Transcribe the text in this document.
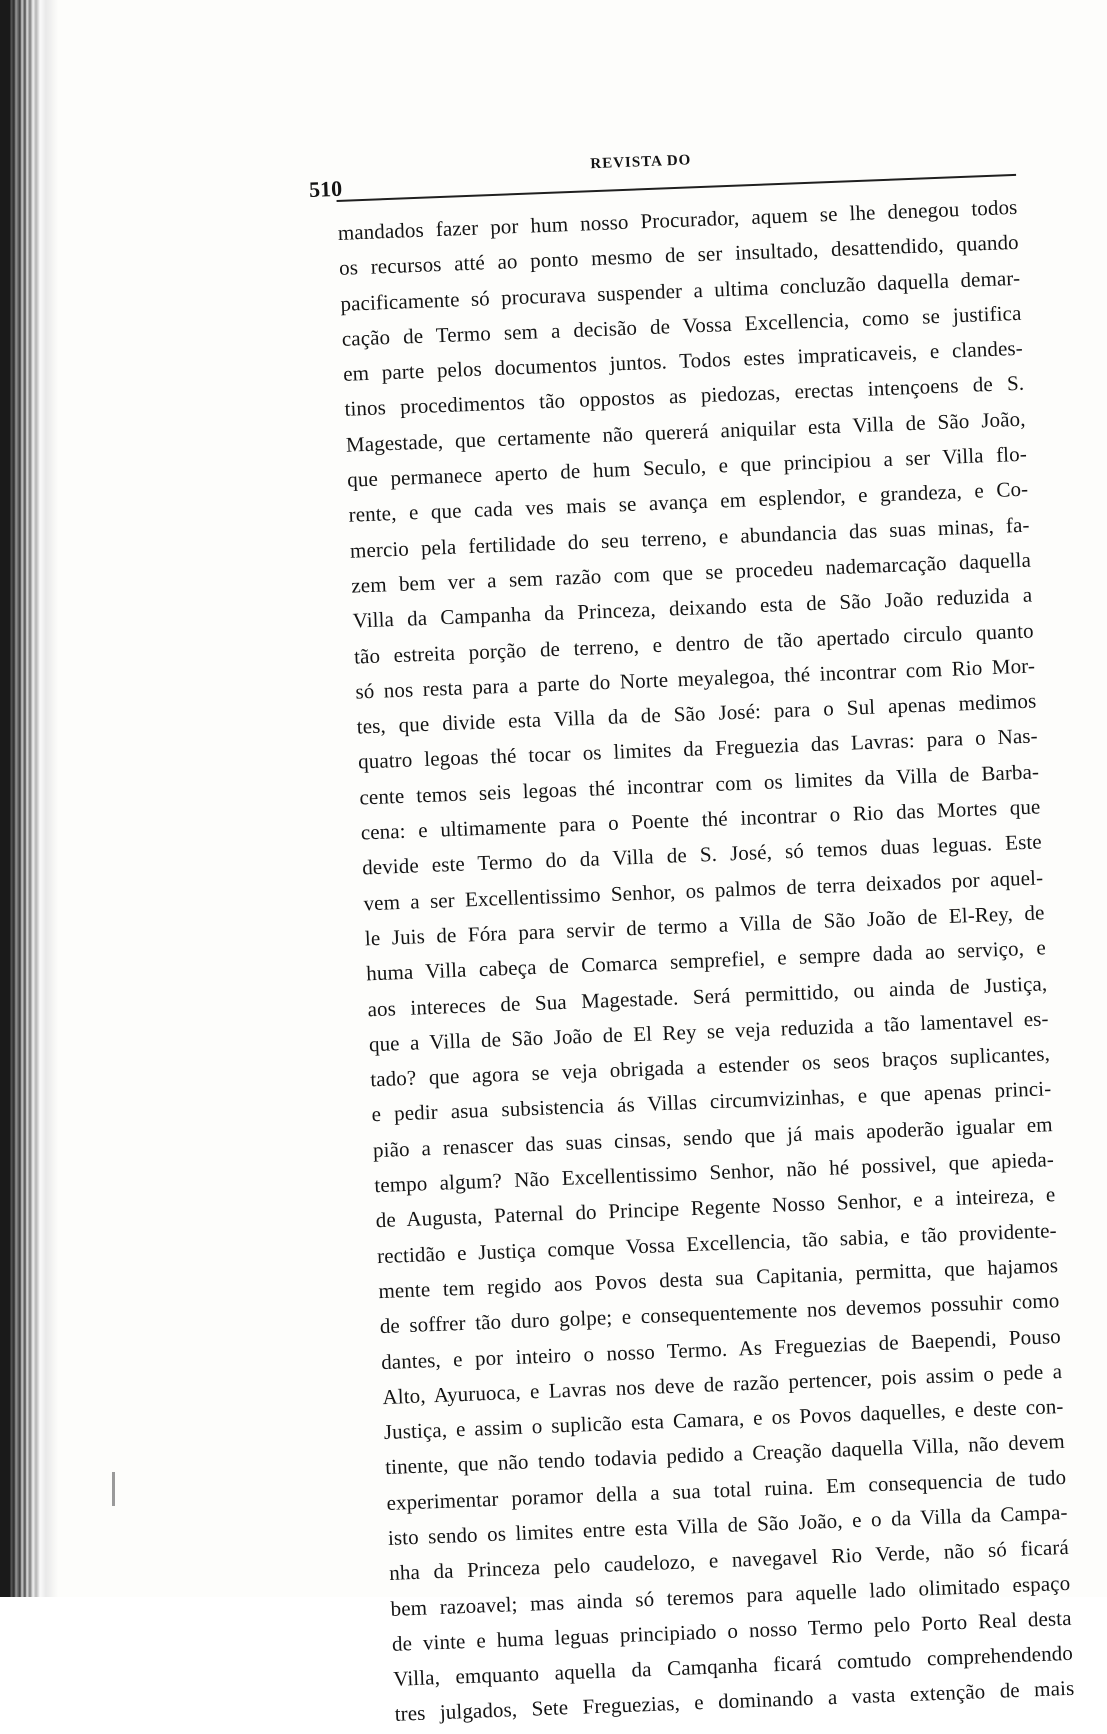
510
REVISTA DO
mandados fazer por hum nosso Procurador, aquem se lhe denegou todos
os recursos atté ao ponto mesmo de ser insultado, desattendido, quando
pacificamente só procurava suspender a ultima concluzão daquella demar-
cação de Termo sem a decisão de Vossa Excellencia, como se justifica
em parte pelos documentos juntos. Todos estes impraticaveis, e clandes-
tinos procedimentos tão oppostos as piedozas, erectas intençoens de S.
Magestade, que certamente não quererá aniquilar esta Villa de São João,
que permanece aperto de hum Seculo, e que principiou a ser Villa flo-
rente, e que cada ves mais se avança em esplendor, e grandeza, e Co-
mercio pela fertilidade do seu terreno, e abundancia das suas minas, fa-
zem bem ver a sem razão com que se procedeu nademarcação daquella
Villa da Campanha da Princeza, deixando esta de São João reduzida a
tão estreita porção de terreno, e dentro de tão apertado circulo quanto
só nos resta para a parte do Norte meyalegoa, thé incontrar com Rio Mor-
tes, que divide esta Villa da de São José: para o Sul apenas medimos
quatro legoas thé tocar os limites da Freguezia das Lavras: para o Nas-
cente temos seis legoas thé incontrar com os limites da Villa de Barba-
cena: e ultimamente para o Poente thé incontrar o Rio das Mortes que
devide este Termo do da Villa de S. José, só temos duas leguas. Este
vem a ser Excellentissimo Senhor, os palmos de terra deixados por aquel-
le Juis de Fóra para servir de termo a Villa de São João de El-Rey, de
huma Villa cabeça de Comarca semprefiel, e sempre dada ao serviço, e
aos intereces de Sua Magestade. Será permittido, ou ainda de Justiça,
que a Villa de São João de El Rey se veja reduzida a tão lamentavel es-
tado? que agora se veja obrigada a estender os seos braços suplicantes,
e pedir asua subsistencia ás Villas circumvizinhas, e que apenas princi-
pião a renascer das suas cinsas, sendo que já mais apoderão igualar em
tempo algum? Não Excellentissimo Senhor, não hé possivel, que apieda-
de Augusta, Paternal do Principe Regente Nosso Senhor, e a inteireza, e
rectidão e Justiça comque Vossa Excellencia, tão sabia, e tão providente-
mente tem regido aos Povos desta sua Capitania, permitta, que hajamos
de soffrer tão duro golpe; e consequentemente nos devemos possuhir como
dantes, e por inteiro o nosso Termo. As Freguezias de Baependi, Pouso
Alto, Ayuruoca, e Lavras nos deve de razão pertencer, pois assim o pede a
Justiça, e assim o suplicão esta Camara, e os Povos daquelles, e deste con-
tinente, que não tendo todavia pedido a Creação daquella Villa, não devem
experimentar poramor della a sua total ruina. Em consequencia de tudo
isto sendo os limites entre esta Villa de São João, e o da Villa da Campa-
nha da Princeza pelo caudelozo, e navegavel Rio Verde, não só ficará
bem razoavel; mas ainda só teremos para aquelle lado olimitado espaço
de vinte e huma leguas principiado o nosso Termo pelo Porto Real desta
Villa, emquanto aquella da Camqanha ficará comtudo comprehendendo
tres julgados, Sete Freguezias, e dominando a vasta extenção de mais
